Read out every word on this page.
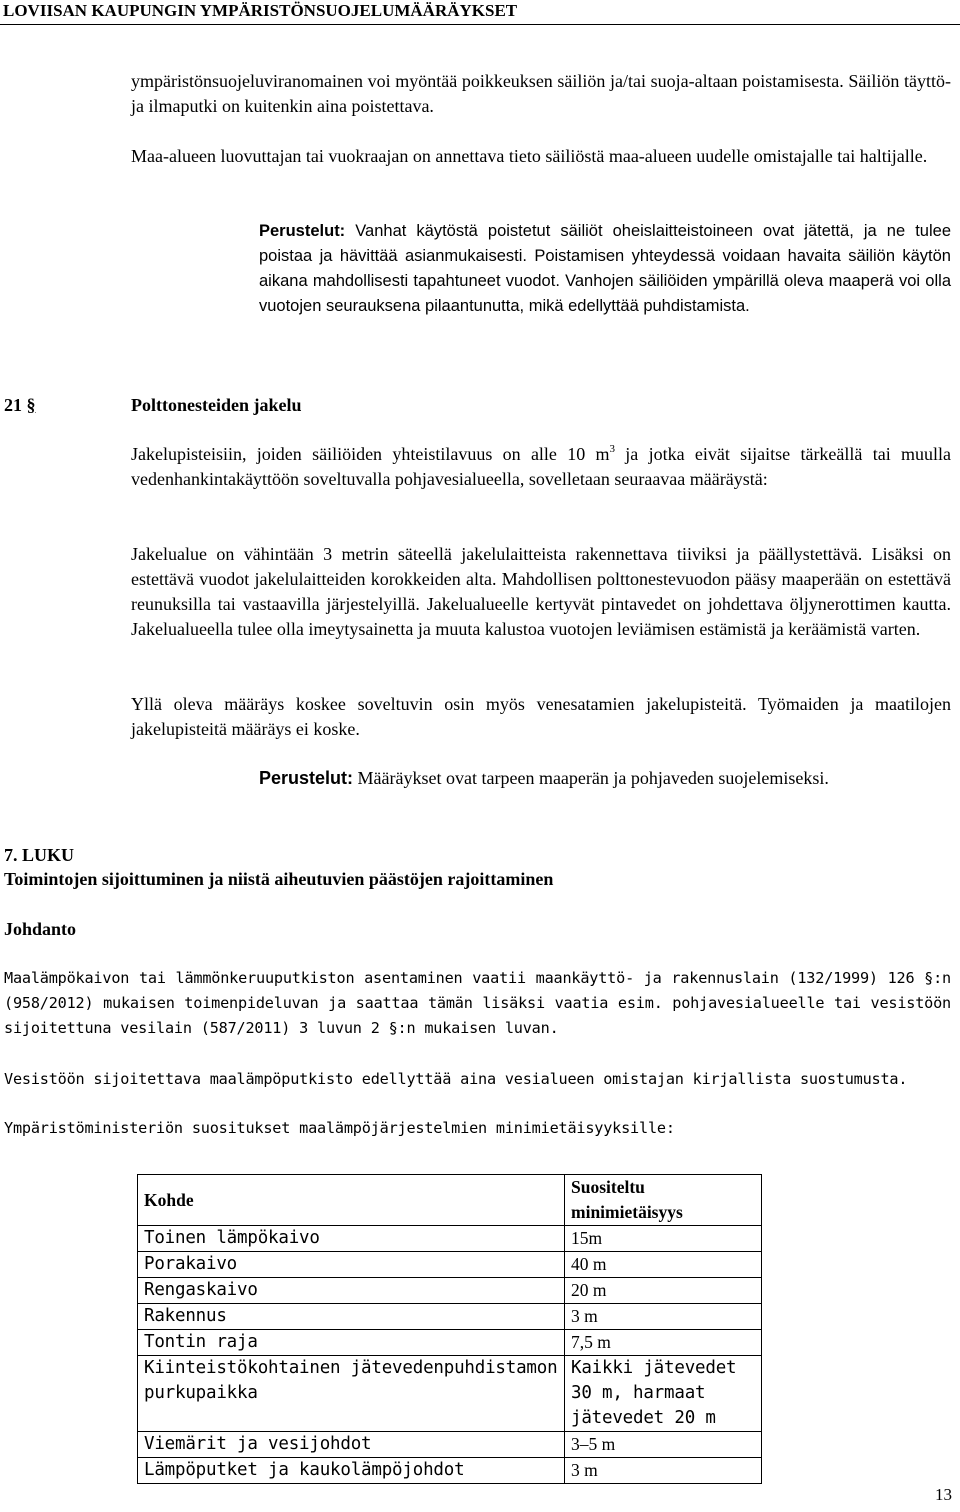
LOVIISAN KAUPUNGIN YMPÄRISTÖNSUOJELUMÄÄRÄYKSET
ympäristönsuojeluviranomainen voi myöntää poikkeuksen säiliön ja/tai suoja-altaan poistamisesta. Säiliön täyttö- ja ilmaputki on kuitenkin aina poistettava.
Maa-alueen luovuttajan tai vuokraajan on annettava tieto säiliöstä maa-alueen uudelle omistajalle tai haltijalle.
Perustelut: Vanhat käytöstä poistetut säiliöt oheislaitteistoineen ovat jätettä, ja ne tulee poistaa ja hävittää asianmukaisesti. Poistamisen yhteydessä voidaan havaita säiliön käytön aikana mahdollisesti tapahtuneet vuodot. Vanhojen säiliöiden ympärillä oleva maaperä voi olla vuotojen seurauksena pilaantunutta, mikä edellyttää puhdistamista.
21 §	Polttonesteiden jakelu
Jakelupisteisiin, joiden säiliöiden yhteistilavuus on alle 10 $m^3$ ja jotka eivät sijaitse tärkeällä tai muulla vedenhankintakäyttöön soveltuvalla pohjavesialueella, sovelletaan seuraavaa määräystä:
Jakelualue on vähintään 3 metrin säteellä jakelulaitteista rakennettava tiiviksi ja päällystettävä. Lisäksi on estettävä vuodot jakelulaitteiden korokkeiden alta. Mahdollisen polttonestevuodon pääsy maaperään on estettävä reunuksilla tai vastaavilla järjestelyillä. Jakelualueelle kertyvät pintavedet on johdettava öljynerottimen kautta. Jakelualueella tulee olla imeytysainetta ja muuta kalustoa vuotojen leviämisen estämistä ja keräämistä varten.
Yllä oleva määräys koskee soveltuvin osin myös venesatamien jakelupisteitä. Työmaiden ja maatilojen jakelupisteitä määräys ei koske.
Perustelut: Määräykset ovat tarpeen maaperän ja pohjaveden suojelemiseksi.
7. LUKU
Toimintojen sijoittuminen ja niistä aiheutuvien päästöjen rajoittaminen
Johdanto
Maalämpökaivon tai lämmönkeruuputkiston asentaminen vaatii maankäyttö- ja rakennuslain (132/1999) 126 §:n (958/2012) mukaisen toimenpideluvan ja saattaa tämän lisäksi vaatia esim. pohjavesialueelle tai vesistöön sijoitettuna vesilain (587/2011) 3 luvun 2 §:n mukaisen luvan.
Vesistöön sijoitettava maalämpöputkisto edellyttää aina vesialueen omistajan kirjallista suostumusta.
Ympäristöministeriön suositukset maalämpöjärjestelmien minimietäisyyksille:
Kohde	Suositeltu minimietäisyys
Toinen lämpökaivo	15m
Porakaivo	40 m
Rengaskaivo	20 m
Rakennus	3 m
Tontin raja	7,5 m
Kiinteistökohtainen jätevedenpuhdistamon purkupaikka	Kaikki jätevedet 30 m, harmaat jätevedet 20 m
Viemärit ja vesijohdot	3–5 m
Lämpöputket ja kaukolämpöjohdot	3 m
13
